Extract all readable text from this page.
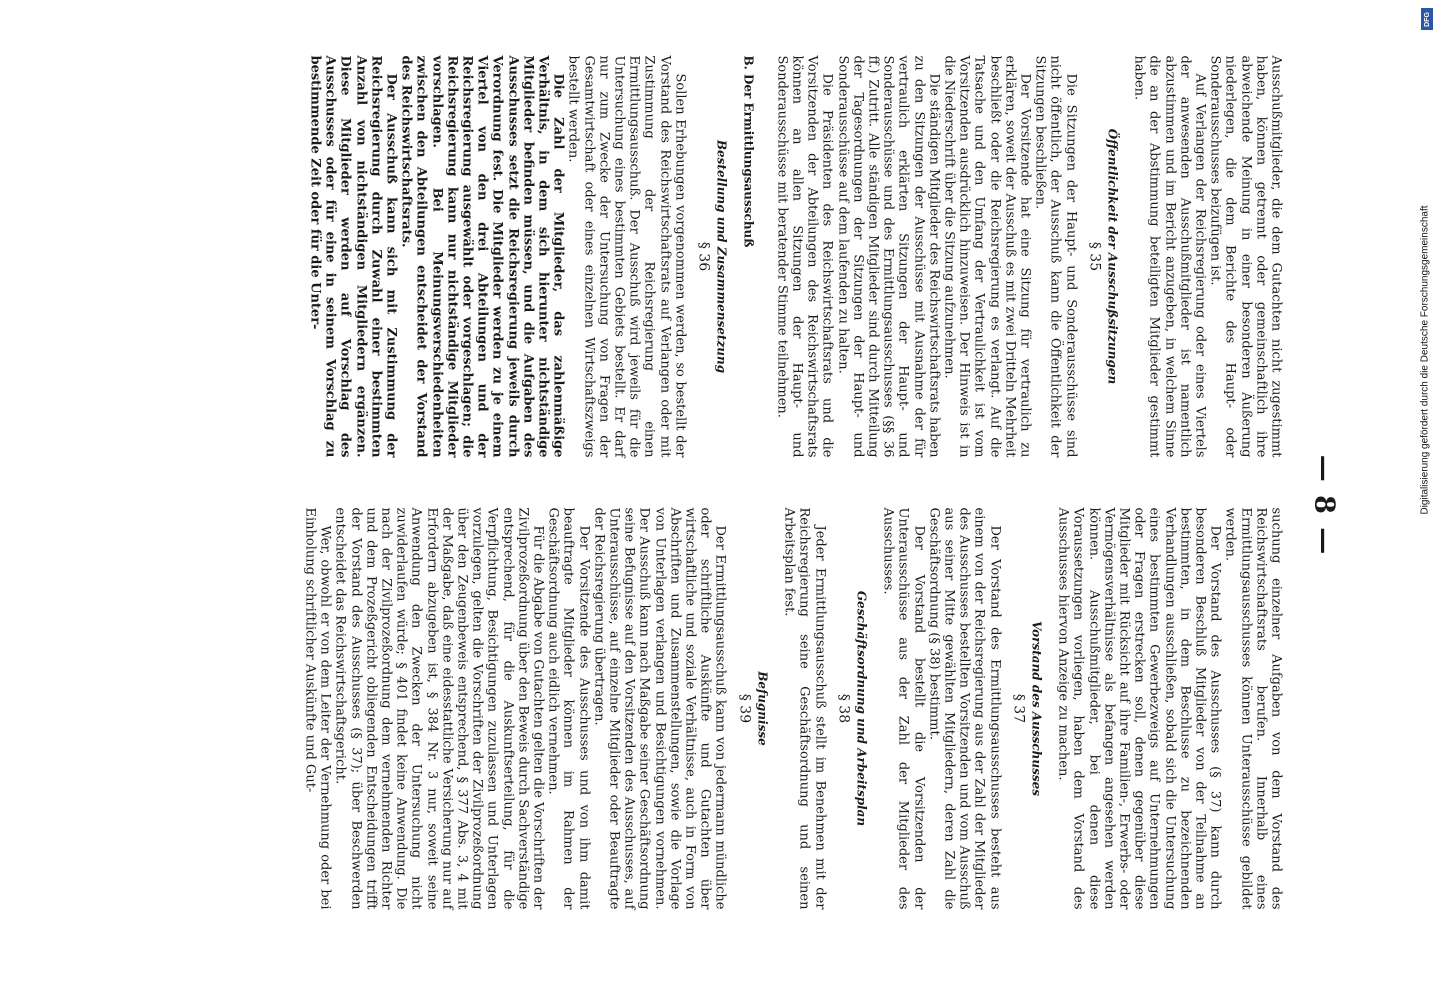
— 8 —

Ausschußmitglieder, die dem Gutachten nicht zugestimmt haben, können getrennt oder gemeinschaftlich ihre abweichende Meinung in einer besonderen Äußerung niederlegen, die dem Berichte des Haupt- oder Sonderausschusses beizufügen ist.

Auf Verlangen der Reichsregierung oder eines Viertels der anwesenden Ausschußmitglieder ist namentlich abzustimmen und im Bericht anzugeben, in welchem Sinne die an der Abstimmung beteiligten Mitglieder gestimmt haben.

Öffentlichkeit der Ausschußsitzungen
§ 35

Die Sitzungen der Haupt- und Sonderausschüsse sind nicht öffentlich, der Ausschuß kann die Öffentlichkeit der Sitzungen beschließen.

Der Vorsitzende hat eine Sitzung für vertraulich zu erklären, soweit der Ausschuß es mit zwei Dritteln Mehrheit beschließt oder die Reichsregierung es verlangt. Auf die Tatsache und den Umfang der Vertraulichkeit ist vom Vorsitzenden ausdrücklich hinzuweisen. Der Hinweis ist in die Niederschrift über die Sitzung aufzunehmen.

Die ständigen Mitglieder des Reichswirtschaftsrats haben zu den Sitzungen der Ausschüsse mit Ausnahme der für vertraulich erklärten Sitzungen der Haupt- und Sonderausschüsse und des Ermittlungsausschusses (§§ 36 ff.) Zutritt. Alle ständigen Mitglieder sind durch Mitteilung der Tagesordnungen der Sitzungen der Haupt- und Sonderausschüsse auf dem laufenden zu halten.

Die Präsidenten des Reichswirtschaftsrats und die Vorsitzenden der Abteilungen des Reichswirtschaftsrats können an allen Sitzungen der Haupt- und Sonderausschüsse mit beratender Stimme teilnehmen.

B. Der Ermittlungsausschuß
Bestellung und Zusammensetzung
§ 36

Sollen Erhebungen vorgenommen werden, so bestellt der Vorstand des Reichswirtschaftsrats auf Verlangen oder mit Zustimmung der Reichsregierung einen Ermittlungsausschuß. Der Ausschuß wird jeweils für die Untersuchung eines bestimmten Gebiets bestellt. Er darf nur zum Zwecke der Untersuchung von Fragen der Gesamtwirtschaft oder eines einzelnen Wirtschaftszweigs bestellt werden.

Die Zahl der Mitglieder, das zahlenmäßige Verhältnis, in dem sich hierunter nichtständige Mitglieder befinden müssen, und die Aufgaben des Ausschusses setzt die Reichsregierung jeweils durch Verordnung fest. Die Mitglieder werden zu je einem Viertel von den drei Abteilungen und der Reichsregierung ausgewählt oder vorgeschlagen; die Reichsregierung kann nur nichtständige Mitglieder vorschlagen. Bei Meinungsverschiedenheiten zwischen den Abteilungen entscheidet der Vorstand des Reichswirtschaftsrats.

Der Ausschuß kann sich mit Zustimmung der Reichsregierung durch Zuwahl einer bestimmten Anzahl von nichtständigen Mitgliedern ergänzen. Diese Mitglieder werden auf Vorschlag des Ausschusses oder für eine in seinem Vorschlag zu bestimmende Zeit oder für die Unter-

suchung einzelner Aufgaben von dem Vorstand des Reichswirtschaftsrats berufen. Innerhalb eines Ermittlungsausschusses können Unterausschüsse gebildet werden.

Der Vorstand des Ausschusses (§ 37) kann durch besonderen Beschluß Mitglieder von der Teilnahme an bestimmten, in dem Beschlusse zu bezeichnenden Verhandlungen ausschließen, sobald sich die Untersuchung eines bestimmten Gewerbezweigs auf Unternehmungen oder Fragen erstrecken soll, denen gegenüber diese Mitglieder mit Rücksicht auf ihre Familien-, Erwerbs- oder Vermögensverhältnisse als befangen angesehen werden können. Ausschußmitglieder, bei denen diese Voraussetzungen vorliegen, haben dem Vorstand des Ausschusses hiervon Anzeige zu machen.

Vorstand des Ausschusses
§ 37

Der Vorstand des Ermittlungsausschusses besteht aus einem von der Reichsregierung aus der Zahl der Mitglieder des Ausschusses bestellten Vorsitzenden und vom Ausschuß aus seiner Mitte gewählten Mitgliedern, deren Zahl die Geschäftsordnung (§ 38) bestimmt.

Der Vorstand bestellt die Vorsitzenden der Unterausschüsse aus der Zahl der Mitglieder des Ausschusses.

Geschäftsordnung und Arbeitsplan
§ 38

Jeder Ermittlungsausschuß stellt im Benehmen mit der Reichsregierung seine Geschäftsordnung und seinen Arbeitsplan fest.

Befugnisse
§ 39

Der Ermittlungsausschuß kann von jedermann mündliche oder schriftliche Auskünfte und Gutachten über wirtschaftliche und soziale Verhältnisse, auch in Form von Abschriften und Zusammenstellungen, sowie die Vorlage von Unterlagen verlangen und Besichtigungen vornehmen. Der Ausschuß kann nach Maßgabe seiner Geschäftsordnung seine Befugnisse auf den Vorsitzenden des Ausschusses, auf Unterausschüsse, auf einzelne Mitglieder oder Beauftragte der Reichsregierung übertragen.

Der Vorsitzende des Ausschusses und von ihm damit beauftragte Mitglieder können im Rahmen der Geschäftsordnung auch eidlich vernehmen.

Für die Abgabe von Gutachten gelten die Vorschriften der Zivilprozeßordnung über den Beweis durch Sachverständige entsprechend, für die Auskunftserteilung, für die Verpflichtung, Besichtigungen zuzulassen und Unterlagen vorzulegen, gelten die Vorschriften der Zivilprozeßordnung über den Zeugenbeweis entsprechend, § 377 Abs. 3, 4 mit der Maßgabe, daß eine eidesstattliche Versicherung nur auf Erfordern abzugeben ist, § 384 Nr. 3 nur, soweit seine Anwendung den Zwecken der Untersuchung nicht zuwiderlaufen würde; § 401 findet keine Anwendung. Die nach der Zivilprozeßordnung dem vernehmenden Richter und dem Prozeßgericht obliegenden Entscheidungen trifft der Vorstand des Ausschusses (§ 37); über Beschwerden entscheidet das Reichswirtschaftsgericht.

Wer, obwohl er von dem Leiter der Vernehmung oder bei Einholung schriftlicher Auskünfte und Gut-

DFG
Digitalisierung gefördert durch die Deutsche Forschungsgemeinschaft
